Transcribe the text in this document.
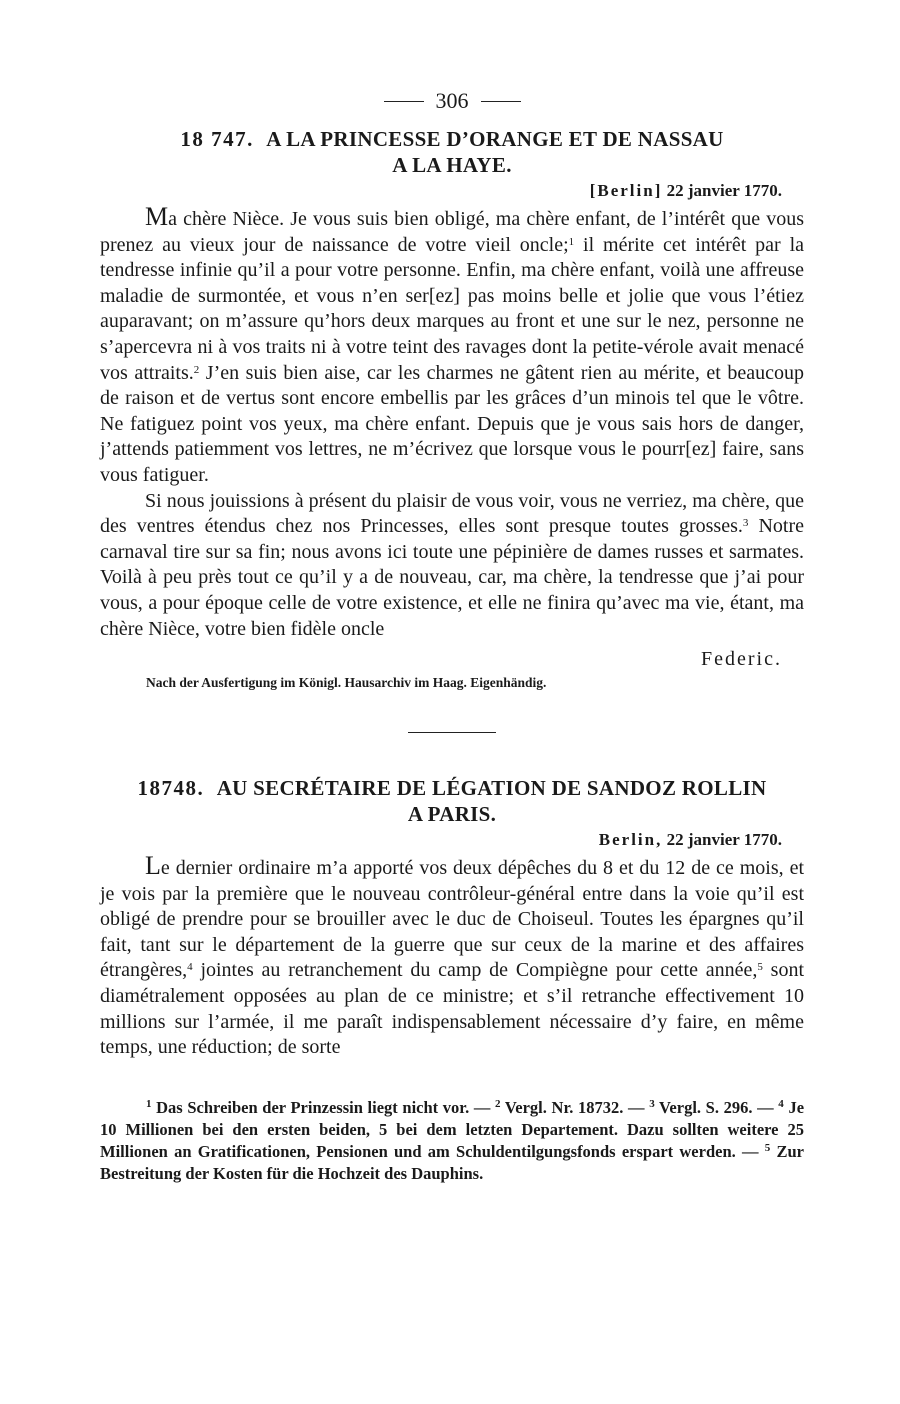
306
18 747. A LA PRINCESSE D’ORANGE ET DE NASSAU
A LA HAYE.
[Berlin] 22 janvier 1770.

Ma chère Nièce. Je vous suis bien obligé, ma chère enfant, de l’intérêt que vous prenez au vieux jour de naissance de votre vieil oncle;$^1$ il mérite cet intérêt par la tendresse infinie qu’il a pour votre personne. Enfin, ma chère enfant, voilà une affreuse maladie de surmontée, et vous n’en ser[ez] pas moins belle et jolie que vous l’étiez auparavant; on m’assure qu’hors deux marques au front et une sur le nez, personne ne s’apercevra ni à vos traits ni à votre teint des ravages dont la petite-vérole avait menacé vos attraits.$^2$ J’en suis bien aise, car les charmes ne gâtent rien au mérite, et beaucoup de raison et de vertus sont encore embellis par les grâces d’un minois tel que le vôtre. Ne fatiguez point vos yeux, ma chère enfant. Depuis que je vous sais hors de danger, j’attends patiemment vos lettres, ne m’écrivez que lorsque vous le pourr[ez] faire, sans vous fatiguer.

Si nous jouissions à présent du plaisir de vous voir, vous ne verriez, ma chère, que des ventres étendus chez nos Princesses, elles sont presque toutes grosses.$^3$ Notre carnaval tire sur sa fin; nous avons ici toute une pépinière de dames russes et sarmates. Voilà à peu près tout ce qu’il y a de nouveau, car, ma chère, la tendresse que j’ai pour vous, a pour époque celle de votre existence, et elle ne finira qu’avec ma vie, étant, ma chère Nièce, votre bien fidèle oncle

Federic.
Nach der Ausfertigung im Königl. Hausarchiv im Haag. Eigenhändig.
18748. AU SECRÉTAIRE DE LÉGATION DE SANDOZ ROLLIN
A PARIS.
Berlin, 22 janvier 1770.

Le dernier ordinaire m’a apporté vos deux dépêches du 8 et du 12 de ce mois, et je vois par la première que le nouveau contrôleur-général entre dans la voie qu’il est obligé de prendre pour se brouiller avec le duc de Choiseul. Toutes les épargnes qu’il fait, tant sur le département de la guerre que sur ceux de la marine et des affaires étrangères,$^4$ jointes au retranchement du camp de Compiègne pour cette année,$^5$ sont diamétralement opposées au plan de ce ministre; et s’il retranche effectivement 10 millions sur l’armée, il me paraît indispensablement nécessaire d’y faire, en même temps, une réduction; de sorte

$^1$ Das Schreiben der Prinzessin liegt nicht vor. — $^2$ Vergl. Nr. 18732. — $^3$ Vergl. S. 296. — $^4$ Je 10 Millionen bei den ersten beiden, 5 bei dem letzten Departement. Dazu sollten weitere 25 Millionen an Gratificationen, Pensionen und am Schuldentilgungsfonds erspart werden. — $^5$ Zur Bestreitung der Kosten für die Hochzeit des Dauphins.
